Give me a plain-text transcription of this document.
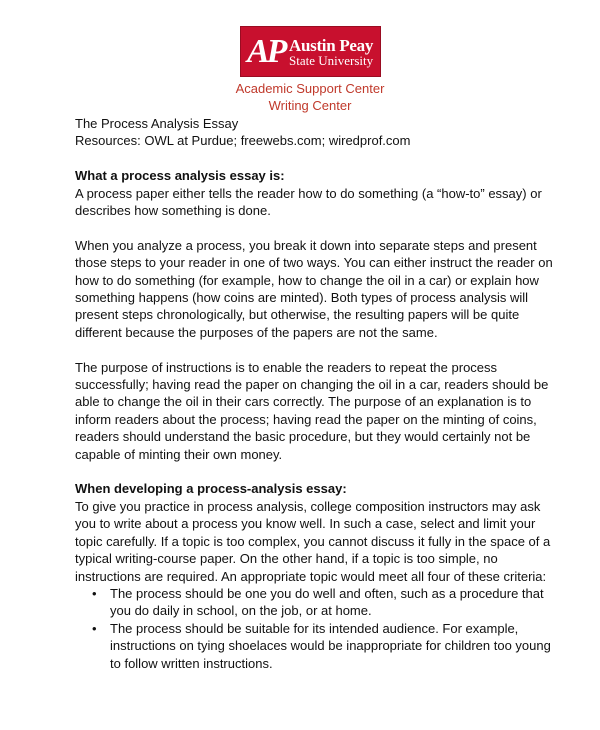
AP Austin Peay
State University
Academic Support Center
Writing Center

The Process Analysis Essay

Resources: OWL at Purdue; freewebs.com; wiredprof.com

What a process analysis essay is:

A process paper either tells the reader how to do something (a “how-to” essay) or describes how something is done.

When you analyze a process, you break it down into separate steps and present those steps to your reader in one of two ways. You can either instruct the reader on how to do something (for example, how to change the oil in a car) or explain how something happens (how coins are minted). Both types of process analysis will present steps chronologically, but otherwise, the resulting papers will be quite different because the purposes of the papers are not the same.

The purpose of instructions is to enable the readers to repeat the process successfully; having read the paper on changing the oil in a car, readers should be able to change the oil in their cars correctly. The purpose of an explanation is to inform readers about the process; having read the paper on the minting of coins, readers should understand the basic procedure, but they would certainly not be capable of minting their own money.

When developing a process-analysis essay:

To give you practice in process analysis, college composition instructors may ask you to write about a process you know well. In such a case, select and limit your topic carefully. If a topic is too complex, you cannot discuss it fully in the space of a typical writing-course paper. On the other hand, if a topic is too simple, no instructions are required. An appropriate topic would meet all four of these criteria:

• The process should be one you do well and often, such as a procedure that you do daily in school, on the job, or at home.
• The process should be suitable for its intended audience. For example, instructions on tying shoelaces would be inappropriate for children too young to follow written instructions.
